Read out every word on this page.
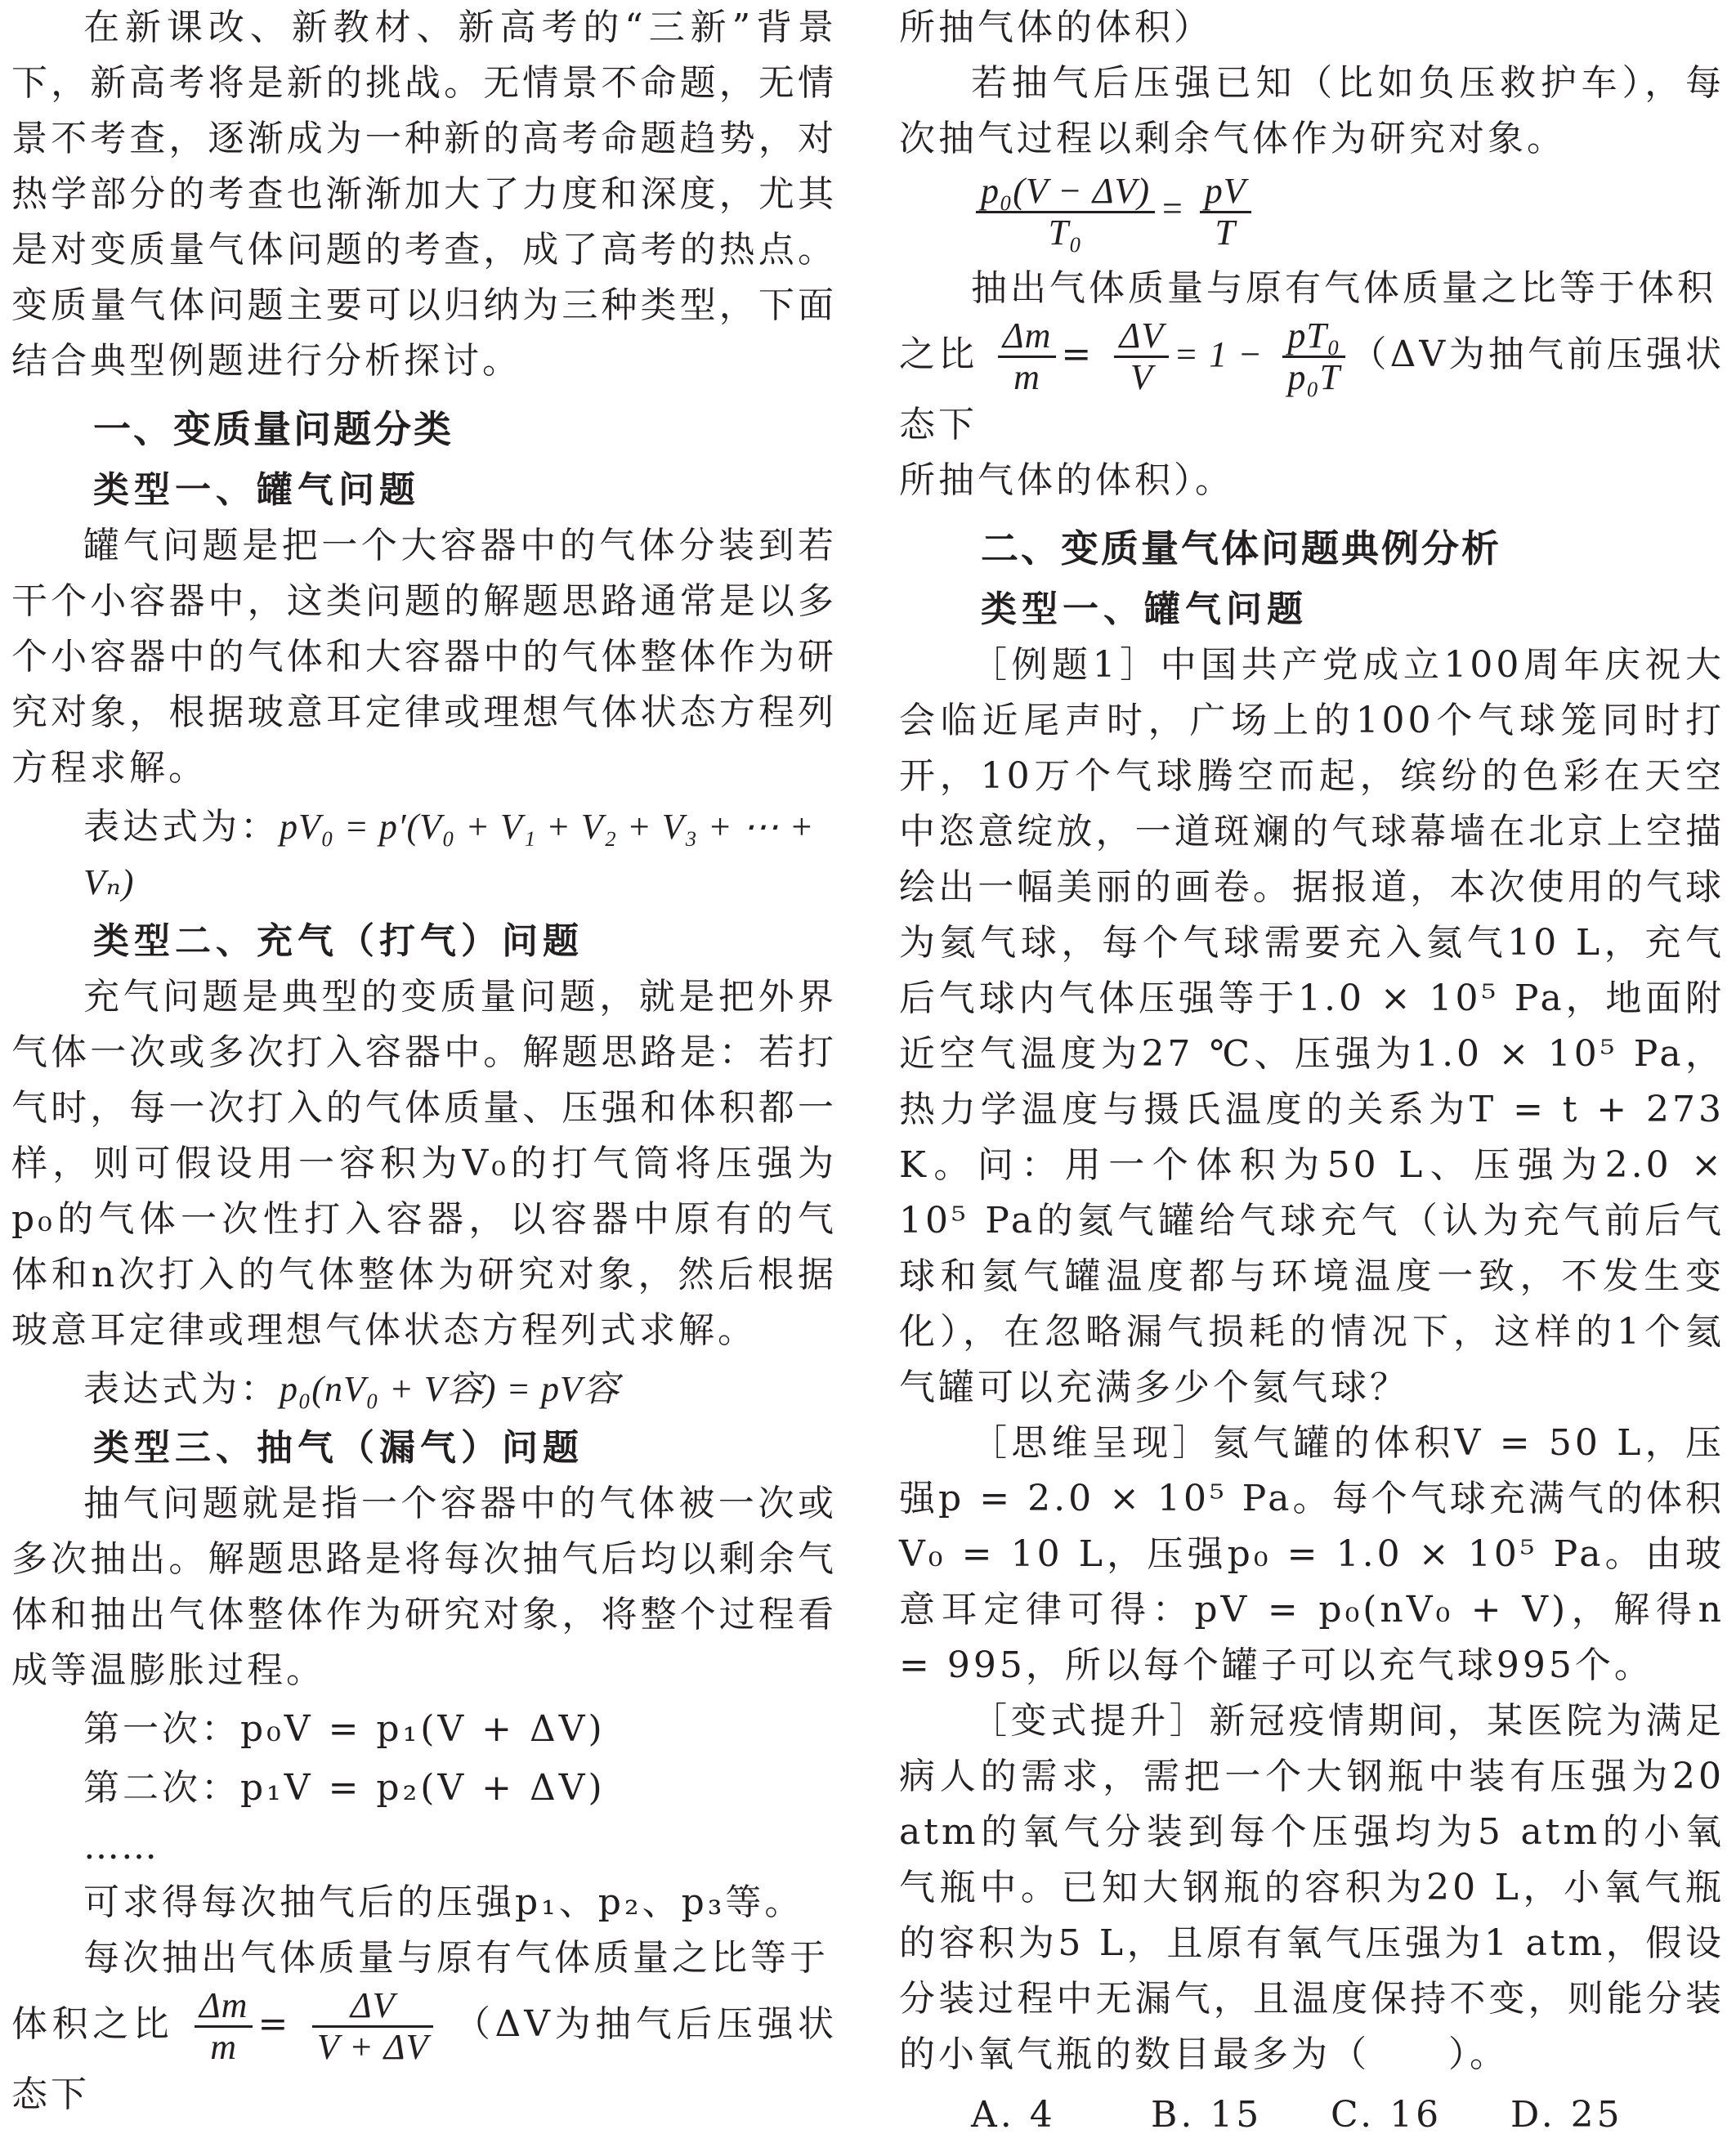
在新课改、新教材、新高考的“三新”背景下，新高考将是新的挑战。无情景不命题，无情景不考查，逐渐成为一种新的高考命题趋势，对热学部分的考查也渐渐加大了力度和深度，尤其是对变质量气体问题的考查，成了高考的热点。变质量气体问题主要可以归纳为三种类型，下面结合典型例题进行分析探讨。

一、变质量问题分类
类型一、罐气问题

罐气问题是把一个大容器中的气体分装到若干个小容器中，这类问题的解题思路通常是以多个小容器中的气体和大容器中的气体整体作为研究对象，根据玻意耳定律或理想气体状态方程列方程求解。

表达式为：pV₀ = p′(V₀ + V₁ + V₂ + V₃ + ⋯ + Vₙ)
类型二、充气（打气）问题

充气问题是典型的变质量问题，就是把外界气体一次或多次打入容器中。解题思路是：若打气时，每一次打入的气体质量、压强和体积都一样，则可假设用一容积为V₀的打气筒将压强为p₀的气体一次性打入容器，以容器中原有的气体和n次打入的气体整体为研究对象，然后根据玻意耳定律或理想气体状态方程列式求解。

表达式为：p₀(nV₀ + V容) = pV容
类型三、抽气（漏气）问题

抽气问题就是指一个容器中的气体被一次或多次抽出。解题思路是将每次抽气后均以剩余气体和抽出气体整体作为研究对象，将整个过程看成等温膨胀过程。

第一次：p₀V = p₁(V + ΔV)
第二次：p₁V = p₂(V + ΔV)
……

可求得每次抽气后的压强p₁、p₂、p₃等。

每次抽出气体质量与原有气体质量之比等于

体积之比 $\frac{\Delta m}{m} = \frac{\Delta V}{V + \Delta V} (\Delta V$为抽气后压强状态下

所抽气体的体积）

若抽气后压强已知（比如负压救护车），每次抽气过程以剩余气体作为研究对象。

$\frac{\text{p₀(V − ΔV)}}{\text{T₀}} = \frac{pV}{T}$

抽出气体质量与原有气体质量之比等于体积

之比 $\frac{\Delta m}{m} = \frac{\Delta V}{V} = 1 - \frac{\text{pT₀}}{\text{p₀T}} (\Delta V$为抽气前压强状态下

所抽气体的体积）。

二、变质量气体问题典例分析
类型一、罐气问题

［例题1］中国共产党成立100周年庆祝大会临近尾声时，广场上的100个气球笼同时打开，10万个气球腾空而起，缤纷的色彩在天空中恣意绽放，一道斑斓的气球幕墙在北京上空描绘出一幅美丽的画卷。据报道，本次使用的气球为氦气球，每个气球需要充入氦气10 L，充气后气球内气体压强等于1.0 × 10⁵ Pa，地面附近空气温度为27 ℃、压强为1.0 × 10⁵ Pa，热力学温度与摄氏温度的关系为T = t + 273 K。问：用一个体积为50 L、压强为2.0 × 10⁵ Pa的氦气罐给气球充气（认为充气前后气球和氦气罐温度都与环境温度一致，不发生变化），在忽略漏气损耗的情况下，这样的1个氦气罐可以充满多少个氦气球？

［思维呈现］氦气罐的体积V = 50 L，压强p = 2.0 × 10⁵ Pa。每个气球充满气的体积V₀ = 10 L，压强p₀ = 1.0 × 10⁵ Pa。由玻意耳定律可得：pV = p₀(nV₀ + V)，解得n = 995，所以每个罐子可以充气球995个。

［变式提升］新冠疫情期间，某医院为满足病人的需求，需把一个大钢瓶中装有压强为20 atm的氧气分装到每个压强均为5 atm的小氧气瓶中。已知大钢瓶的容积为20 L，小氧气瓶的容积为5 L，且原有氧气压强为1 atm，假设分装过程中无漏气，且温度保持不变，则能分装的小氧气瓶的数目最多为（　　）。

A. 4	B. 15	C. 16	D. 25
